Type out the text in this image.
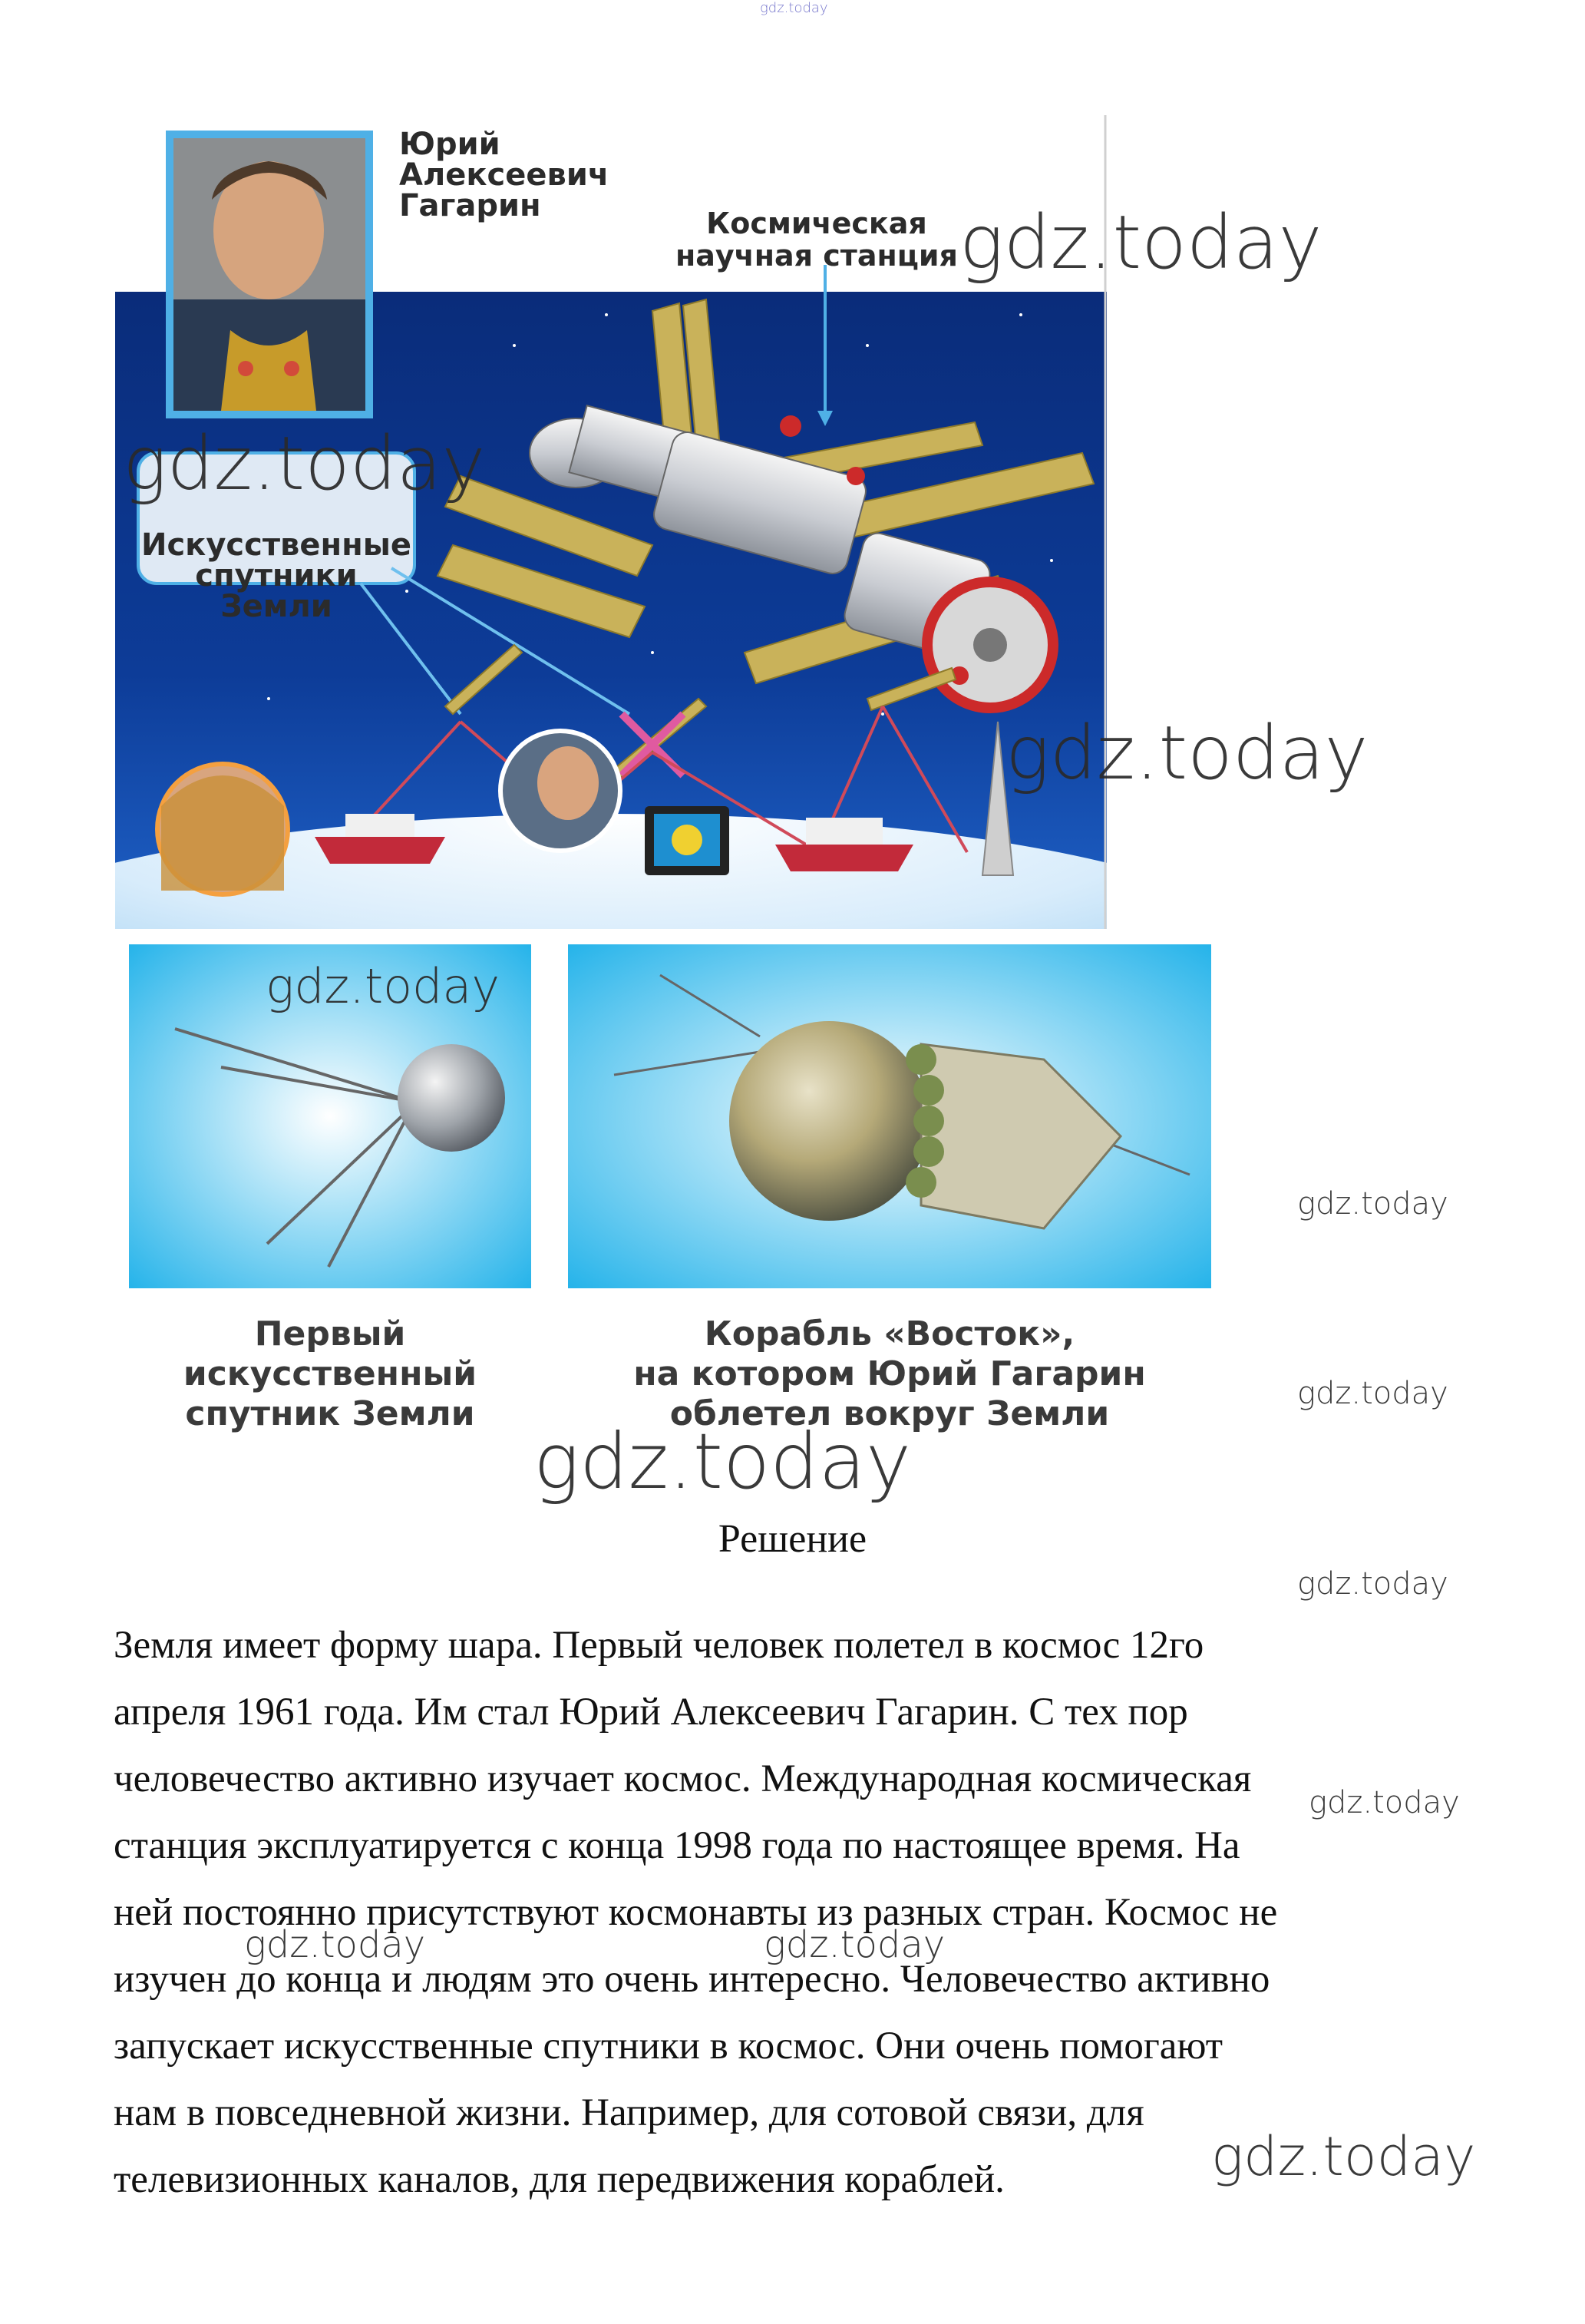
gdz.today
Юрий
Алексеевич
Гагарин	Космическая
научная станция
Искусственные
спутники
Земли
Первый
искусственный
спутник Земли
Корабль «Восток»,
на котором Юрий Гагарин
облетел вокруг Земли
gdz.today
gdz.today
gdz.today
gdz.today
gdz.today
gdz.today
gdz.today
gdz.today
gdz.today
gdz.today	gdz.today
gdz.today
Решение
Земля имеет форму шара. Первый человек полетел в космос 12го
апреля 1961 года. Им стал Юрий Алексеевич Гагарин. С тех пор
человечество активно изучает космос. Международная космическая
станция эксплуатируется с конца 1998 года по настоящее время. На
ней постоянно присутствуют космонавты из разных стран. Космос не
изучен до конца и людям это очень интересно. Человечество активно
запускает искусственные спутники в космос. Они очень помогают
нам в повседневной жизни. Например, для сотовой связи, для
телевизионных каналов, для передвижения кораблей.
